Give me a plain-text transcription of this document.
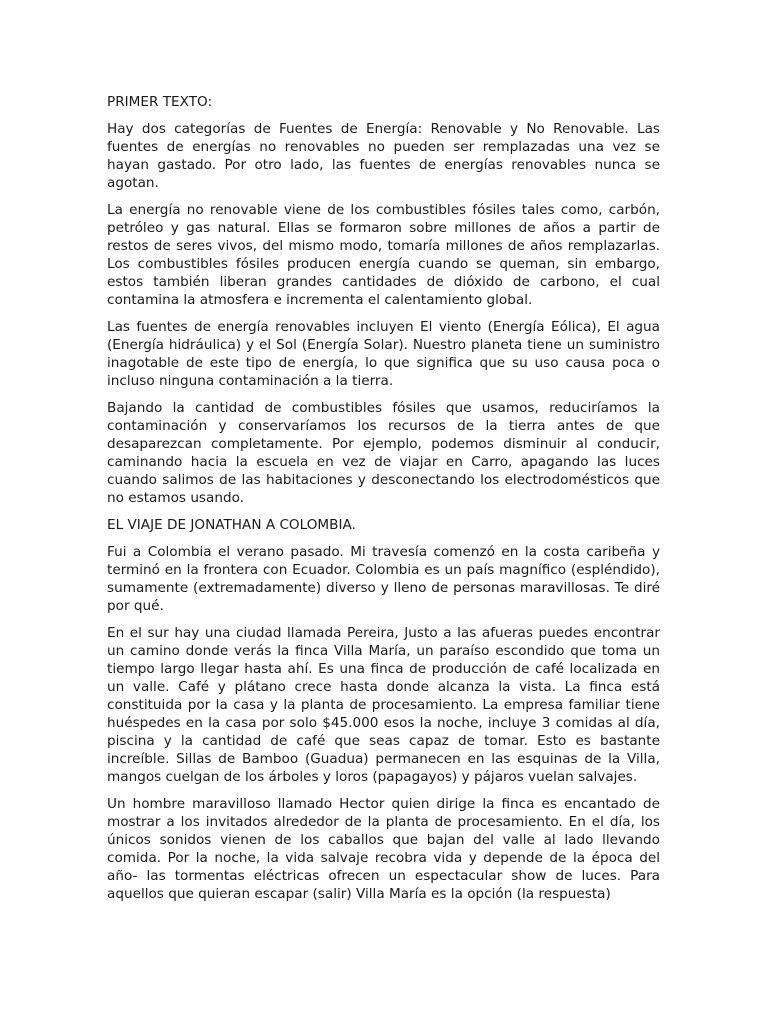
PRIMER TEXTO:

Hay dos categorías de Fuentes de Energía: Renovable y No Renovable. Las fuentes de energías no renovables no pueden ser remplazadas una vez se hayan gastado. Por otro lado, las fuentes de energías renovables nunca se agotan.

La energía no renovable viene de los combustibles fósiles tales como, carbón, petróleo y gas natural. Ellas se formaron sobre millones de años a partir de restos de seres vivos, del mismo modo, tomaría millones de años remplazarlas. Los combustibles fósiles producen energía cuando se queman, sin embargo, estos también liberan grandes cantidades de dióxido de carbono, el cual contamina la atmosfera e incrementa el calentamiento global.

Las fuentes de energía renovables incluyen El viento (Energía Eólica), El agua (Energía hidráulica) y el Sol (Energía Solar). Nuestro planeta tiene un suministro inagotable de este tipo de energía, lo que significa que su uso causa poca o incluso ninguna contaminación a la tierra.

Bajando la cantidad de combustibles fósiles que usamos, reduciríamos la contaminación y conservaríamos los recursos de la tierra antes de que desaparezcan completamente. Por ejemplo, podemos disminuir al conducir, caminando hacia la escuela en vez de viajar en Carro, apagando las luces cuando salimos de las habitaciones y desconectando los electrodomésticos que no estamos usando.

EL VIAJE DE JONATHAN A COLOMBIA.

Fui a Colombia el verano pasado. Mi travesía comenzó en la costa caribeña y terminó en la frontera con Ecuador. Colombia es un país magnífico (espléndido), sumamente (extremadamente) diverso y lleno de personas maravillosas. Te diré por qué.

En el sur hay una ciudad llamada Pereira, Justo a las afueras puedes encontrar un camino donde verás la finca Villa María, un paraíso escondido que toma un tiempo largo llegar hasta ahí. Es una finca de producción de café localizada en un valle. Café y plátano crece hasta donde alcanza la vista. La finca está constituida por la casa y la planta de procesamiento. La empresa familiar tiene huéspedes en la casa por solo $45.000 esos la noche, incluye 3 comidas al día, piscina y la cantidad de café que seas capaz de tomar. Esto es bastante increíble. Sillas de Bamboo (Guadua) permanecen en las esquinas de la Villa, mangos cuelgan de los árboles y loros (papagayos) y pájaros vuelan salvajes.

Un hombre maravilloso llamado Hector quien dirige la finca es encantado de mostrar a los invitados alrededor de la planta de procesamiento. En el día, los únicos sonidos vienen de los caballos que bajan del valle al lado llevando comida. Por la noche, la vida salvaje recobra vida y depende de la época del año- las tormentas eléctricas ofrecen un espectacular show de luces. Para aquellos que quieran escapar (salir) Villa María es la opción (la respuesta)
